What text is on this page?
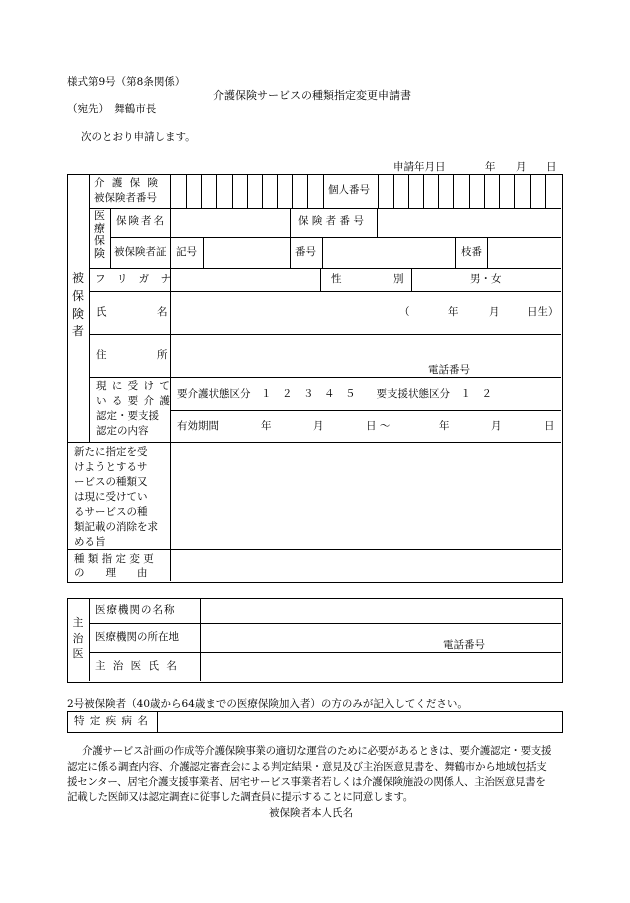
様式第9号（第8条関係）
介護保険サービスの種類指定変更申請書
（宛先）　舞鶴市長
次のとおり申請します。
申請年月日	年 月 日
被
保
険
者
介 護 保 険
被保険者番号
個人番号
医
療
保
険
保険者名	保 険 者 番 号
被保険者証 記号	番号	枝番
フ リ ガ ナ	性	別	男・女
氏	名	（	年	月	日生）
住	所
電話番号
現 に 受 け て
い る 要 介 護
認定・要支援
認定の内容
要介護状態区分　１　２　３　４　５　　要支援状態区分　１　２
有効期間	年	月	日 ～	年	月	日
新たに指定を受
けようとするサ
ービスの種類又
は現に受けてい
るサービスの種
類記載の消除を求
める旨
種 類 指 定 変 更
の　　理　　由
主
治
医
医療機関の名称
医療機関の所在地
電話番号
主 治 医 氏 名
2号被保険者（40歳から64歳までの医療保険加入者）の方のみが記入してください。
特 定 疾 病 名
介護サービス計画の作成等介護保険事業の適切な運営のために必要があるときは、要介護認定・要支援
認定に係る調査内容、介護認定審査会による判定結果・意見及び主治医意見書を、舞鶴市から地域包括支
援センター、居宅介護支援事業者、居宅サービス事業者若しくは介護保険施設の関係人、主治医意見書を
記載した医師又は認定調査に従事した調査員に提示することに同意します。
被保険者本人氏名
